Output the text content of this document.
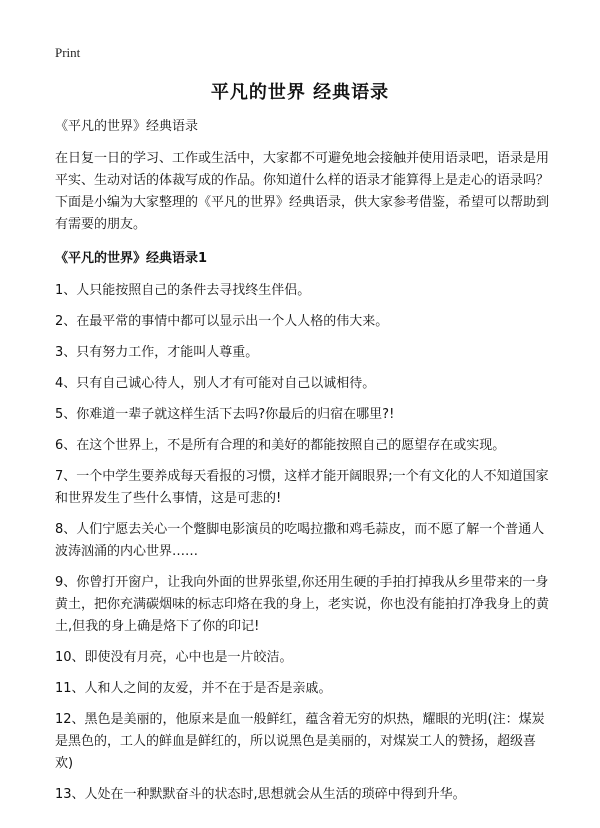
Print
平凡的世界 经典语录
《平凡的世界》经典语录
在日复一日的学习、工作或生活中，大家都不可避免地会接触并使用语录吧，语录是用平实、生动对话的体裁写成的作品。你知道什么样的语录才能算得上是走心的语录吗？下面是小编为大家整理的《平凡的世界》经典语录，供大家参考借鉴，希望可以帮助到有需要的朋友。
《平凡的世界》经典语录1
1、人只能按照自己的条件去寻找终生伴侣。
2、在最平常的事情中都可以显示出一个人人格的伟大来。
3、只有努力工作，才能叫人尊重。
4、只有自己诚心待人，别人才有可能对自己以诚相待。
5、你难道一辈子就这样生活下去吗?你最后的归宿在哪里?!
6、在这个世界上，不是所有合理的和美好的都能按照自己的愿望存在或实现。
7、一个中学生要养成每天看报的习惯，这样才能开阔眼界;一个有文化的人不知道国家和世界发生了些什么事情，这是可悲的!
8、人们宁愿去关心一个蹩脚电影演员的吃喝拉撒和鸡毛蒜皮，而不愿了解一个普通人波涛汹涌的内心世界……
9、你曾打开窗户，让我向外面的世界张望,你还用生硬的手拍打掉我从乡里带来的一身黄土，把你充满碳烟味的标志印烙在我的身上，老实说，你也没有能拍打净我身上的黄土,但我的身上确是烙下了你的印记!
10、即使没有月亮，心中也是一片皎洁。
11、人和人之间的友爱，并不在于是否是亲戚。
12、黑色是美丽的，他原来是血一般鲜红，蕴含着无穷的炽热，耀眼的光明(注：煤炭是黑色的，工人的鲜血是鲜红的，所以说黑色是美丽的，对煤炭工人的赞扬，超级喜欢)
13、人处在一种默默奋斗的状态时,思想就会从生活的琐碎中得到升华。
